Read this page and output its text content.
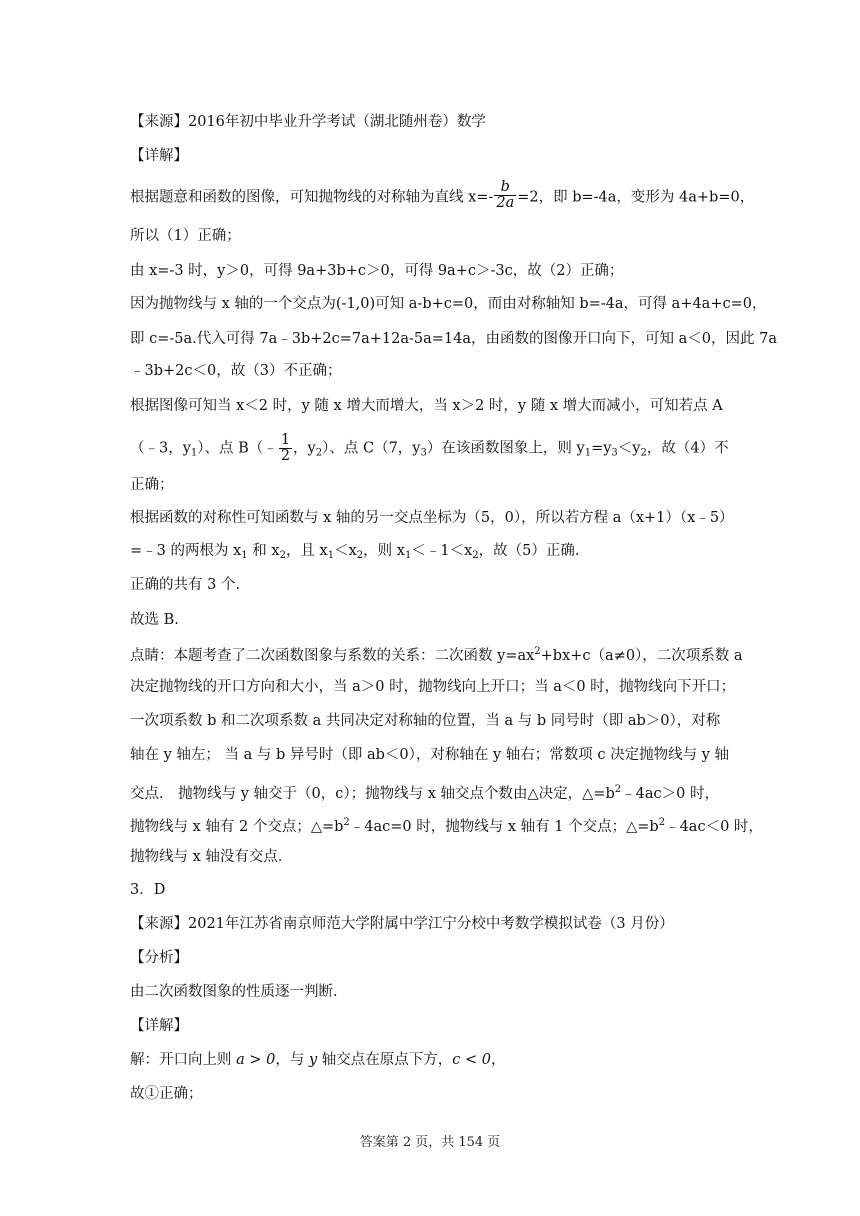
【来源】2016年初中毕业升学考试（湖北随州卷）数学
【详解】
根据题意和函数的图像，可知抛物线的对称轴为直线 $x=- \frac{b}{2a} =2$，即 b=-4a，变形为 4a+b=0，
所以（1）正确；
由 x=-3 时，y＞0，可得 9a+3b+c＞0，可得 9a+c＞-3c，故（2）正确；
因为抛物线与 x 轴的一个交点为(-1,0)可知 a-b+c=0，而由对称轴知 b=-4a，可得 a+4a+c=0，
即 c=-5a.代入可得 7a﹣3b+2c=7a+12a-5a=14a，由函数的图像开口向下，可知 a＜0，因此 7a
﹣3b+2c＜0，故（3）不正确；
根据图像可知当 x＜2 时，y 随 x 增大而增大，当 x＞2 时，y 随 x 增大而减小，可知若点 A
（﹣3，$y_1$）、点 B（﹣ $\frac{1}{2}$ ，$y_2$）、点 C（7，$y_3$）在该函数图象上，则 $y_1=y_3<y_2$，故（4）不
正确；
根据函数的对称性可知函数与 x 轴的另一交点坐标为（5，0），所以若方程 a（x+1）（x﹣5）
=﹣3 的两根为 $x_1$ 和 $x_2$，且 $x_1<x_2$，则 $x_1<﹣1<x_2$，故（5）正确.
正确的共有 3 个.
故选 B.
点睛：本题考查了二次函数图象与系数的关系：二次函数 $y=ax^2+bx+c(a\ne 0)$，二次项系数 a
决定抛物线的开口方向和大小，当 a＞0 时，抛物线向上开口；当 a＜0 时，抛物线向下开口；
一次项系数 b 和二次项系数 a 共同决定对称轴的位置，当 a 与 b 同号时（即 ab＞0），对称
轴在 y 轴左； 当 a 与 b 异号时（即 ab＜0），对称轴在 y 轴右；常数项 c 决定抛物线与 y 轴
交点． 抛物线与 y 轴交于（0，c）；抛物线与 x 轴交点个数由△决定，$\triangle=b^2﹣4ac>0$ 时，
抛物线与 x 轴有 2 个交点；$\triangle=b^2﹣4ac=0$ 时，抛物线与 x 轴有 1 个交点；$\triangle=b^2﹣4ac<0$ 时，
抛物线与 x 轴没有交点．
3．D
【来源】2021年江苏省南京师范大学附属中学江宁分校中考数学模拟试卷（3 月份）
【分析】
由二次函数图象的性质逐一判断.
【详解】
解：开口向上则 a > 0，与 y 轴交点在原点下方，c < 0，
故①正确；
答案第 2 页，共 154 页
